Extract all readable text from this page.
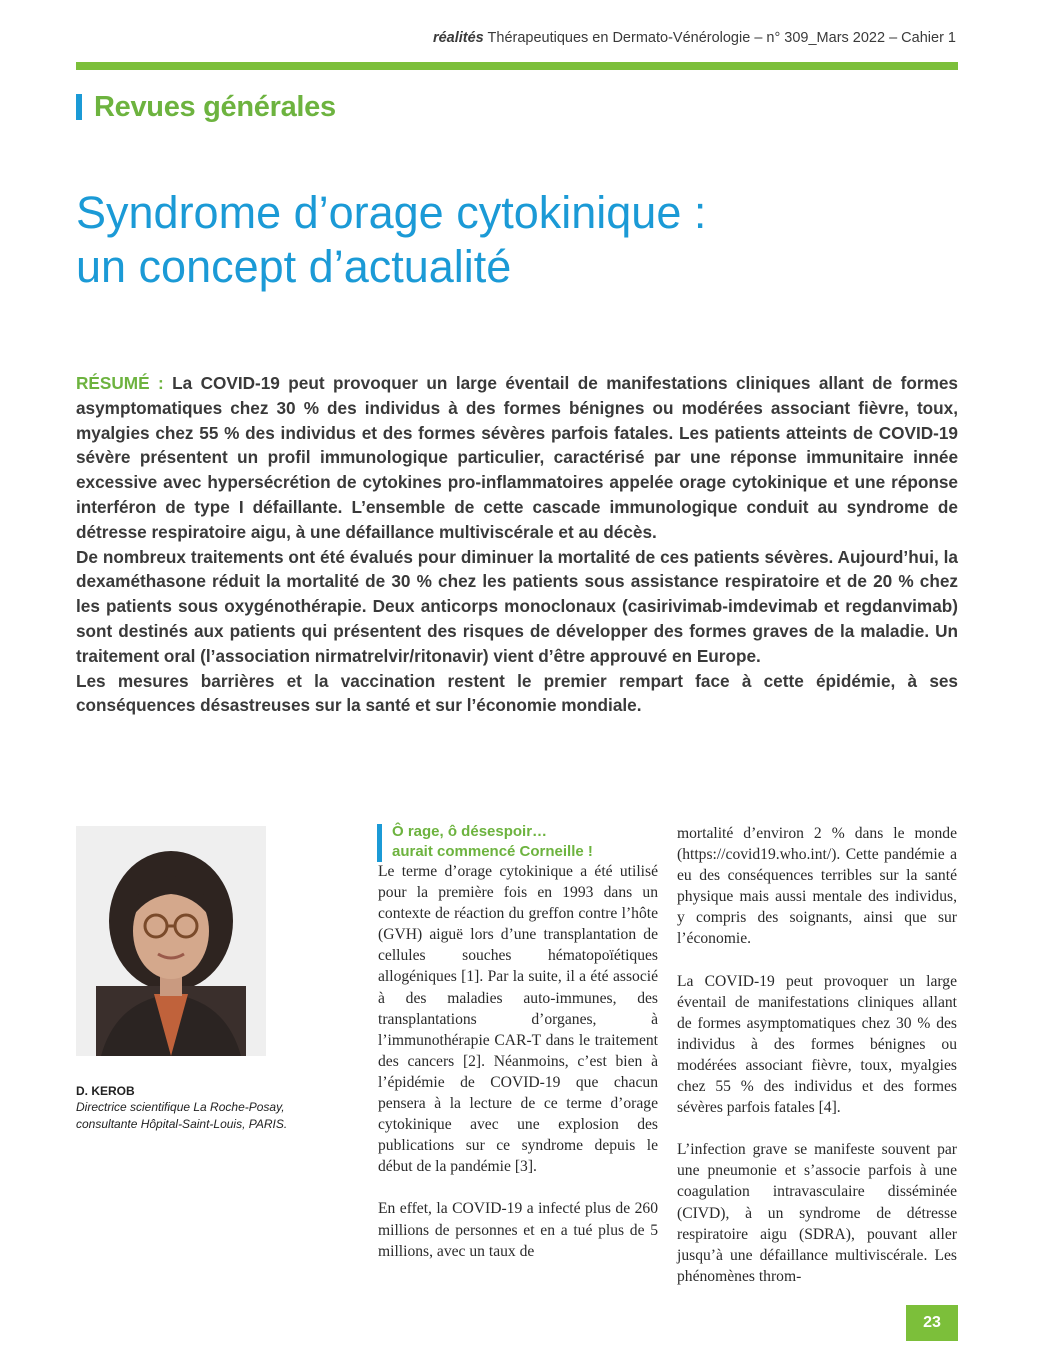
réalités Thérapeutiques en Dermato-Vénérologie – n° 309_Mars 2022 – Cahier 1
Revues générales
Syndrome d’orage cytokinique :
un concept d’actualité

RÉSUMÉ : La COVID-19 peut provoquer un large éventail de manifestations cliniques allant de formes asymptomatiques chez 30 % des individus à des formes bénignes ou modérées associant fièvre, toux, myalgies chez 55 % des individus et des formes sévères parfois fatales. Les patients atteints de COVID-19 sévère présentent un profil immunologique particulier, caractérisé par une réponse immunitaire innée excessive avec hypersécrétion de cytokines pro-inflammatoires appelée orage cytokinique et une réponse interféron de type I défaillante. L’ensemble de cette cascade immunologique conduit au syndrome de détresse respiratoire aigu, à une défaillance multiviscérale et au décès.

De nombreux traitements ont été évalués pour diminuer la mortalité de ces patients sévères. Aujourd’hui, la dexaméthasone réduit la mortalité de 30 % chez les patients sous assistance respiratoire et de 20 % chez les patients sous oxygénothérapie. Deux anticorps monoclonaux (casirivimab-imdevimab et regdanvimab) sont destinés aux patients qui présentent des risques de développer des formes graves de la maladie. Un traitement oral (l’association nirmatrelvir/ritonavir) vient d’être approuvé en Europe.

Les mesures barrières et la vaccination restent le premier rempart face à cette épidémie, à ses conséquences désastreuses sur la santé et sur l’économie mondiale.

D. KEROB
Directrice scientifique La Roche-Posay,
consultante Hôpital-Saint-Louis, PARIS.
Ô rage, ô désespoir…
aurait commencé Corneille !

Le terme d’orage cytokinique a été utilisé pour la première fois en 1993 dans un contexte de réaction du greffon contre l’hôte (GVH) aiguë lors d’une transplantation de cellules souches hématopoïétiques allogéniques [1]. Par la suite, il a été associé à des maladies auto-immunes, des transplantations d’organes, à l’immunothérapie CAR-T dans le traitement des cancers [2]. Néanmoins, c’est bien à l’épidémie de COVID-19 que chacun pensera à la lecture de ce terme d’orage cytokinique avec une explosion des publications sur ce syndrome depuis le début de la pandémie [3].

En effet, la COVID-19 a infecté plus de 260 millions de personnes et en a tué plus de 5 millions, avec un taux de

mortalité d’environ 2 % dans le monde (https://covid19.who.int/). Cette pandémie a eu des conséquences terribles sur la santé physique mais aussi mentale des individus, y compris des soignants, ainsi que sur l’économie.

La COVID-19 peut provoquer un large éventail de manifestations cliniques allant de formes asymptomatiques chez 30 % des individus à des formes bénignes ou modérées associant fièvre, toux, myalgies chez 55 % des individus et des formes sévères parfois fatales [4].

L’infection grave se manifeste souvent par une pneumonie et s’associe parfois à une coagulation intravasculaire disséminée (CIVD), à un syndrome de détresse respiratoire aigu (SDRA), pouvant aller jusqu’à une défaillance multiviscérale. Les phénomènes throm-

23
